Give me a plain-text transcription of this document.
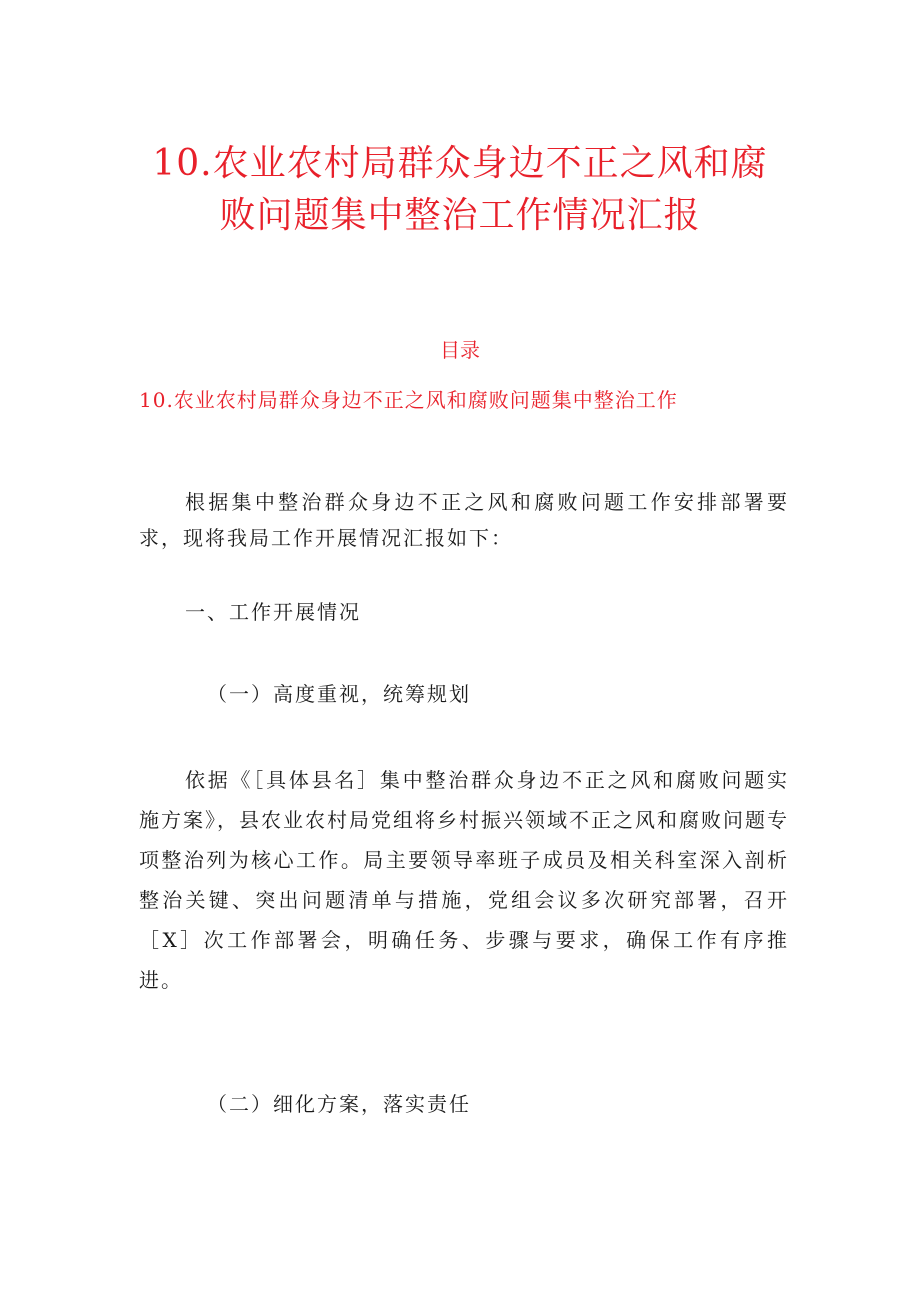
10.农业农村局群众身边不正之风和腐
败问题集中整治工作情况汇报

目录

10.农业农村局群众身边不正之风和腐败问题集中整治工作

根据集中整治群众身边不正之风和腐败问题工作安排部署要求，现将我局工作开展情况汇报如下：

一、工作开展情况

（一）高度重视，统筹规划

依据《［具体县名］集中整治群众身边不正之风和腐败问题实施方案》，县农业农村局党组将乡村振兴领域不正之风和腐败问题专项整治列为核心工作。局主要领导率班子成员及相关科室深入剖析整治关键、突出问题清单与措施，党组会议多次研究部署，召开［X］次工作部署会，明确任务、步骤与要求，确保工作有序推进。

（二）细化方案，落实责任
